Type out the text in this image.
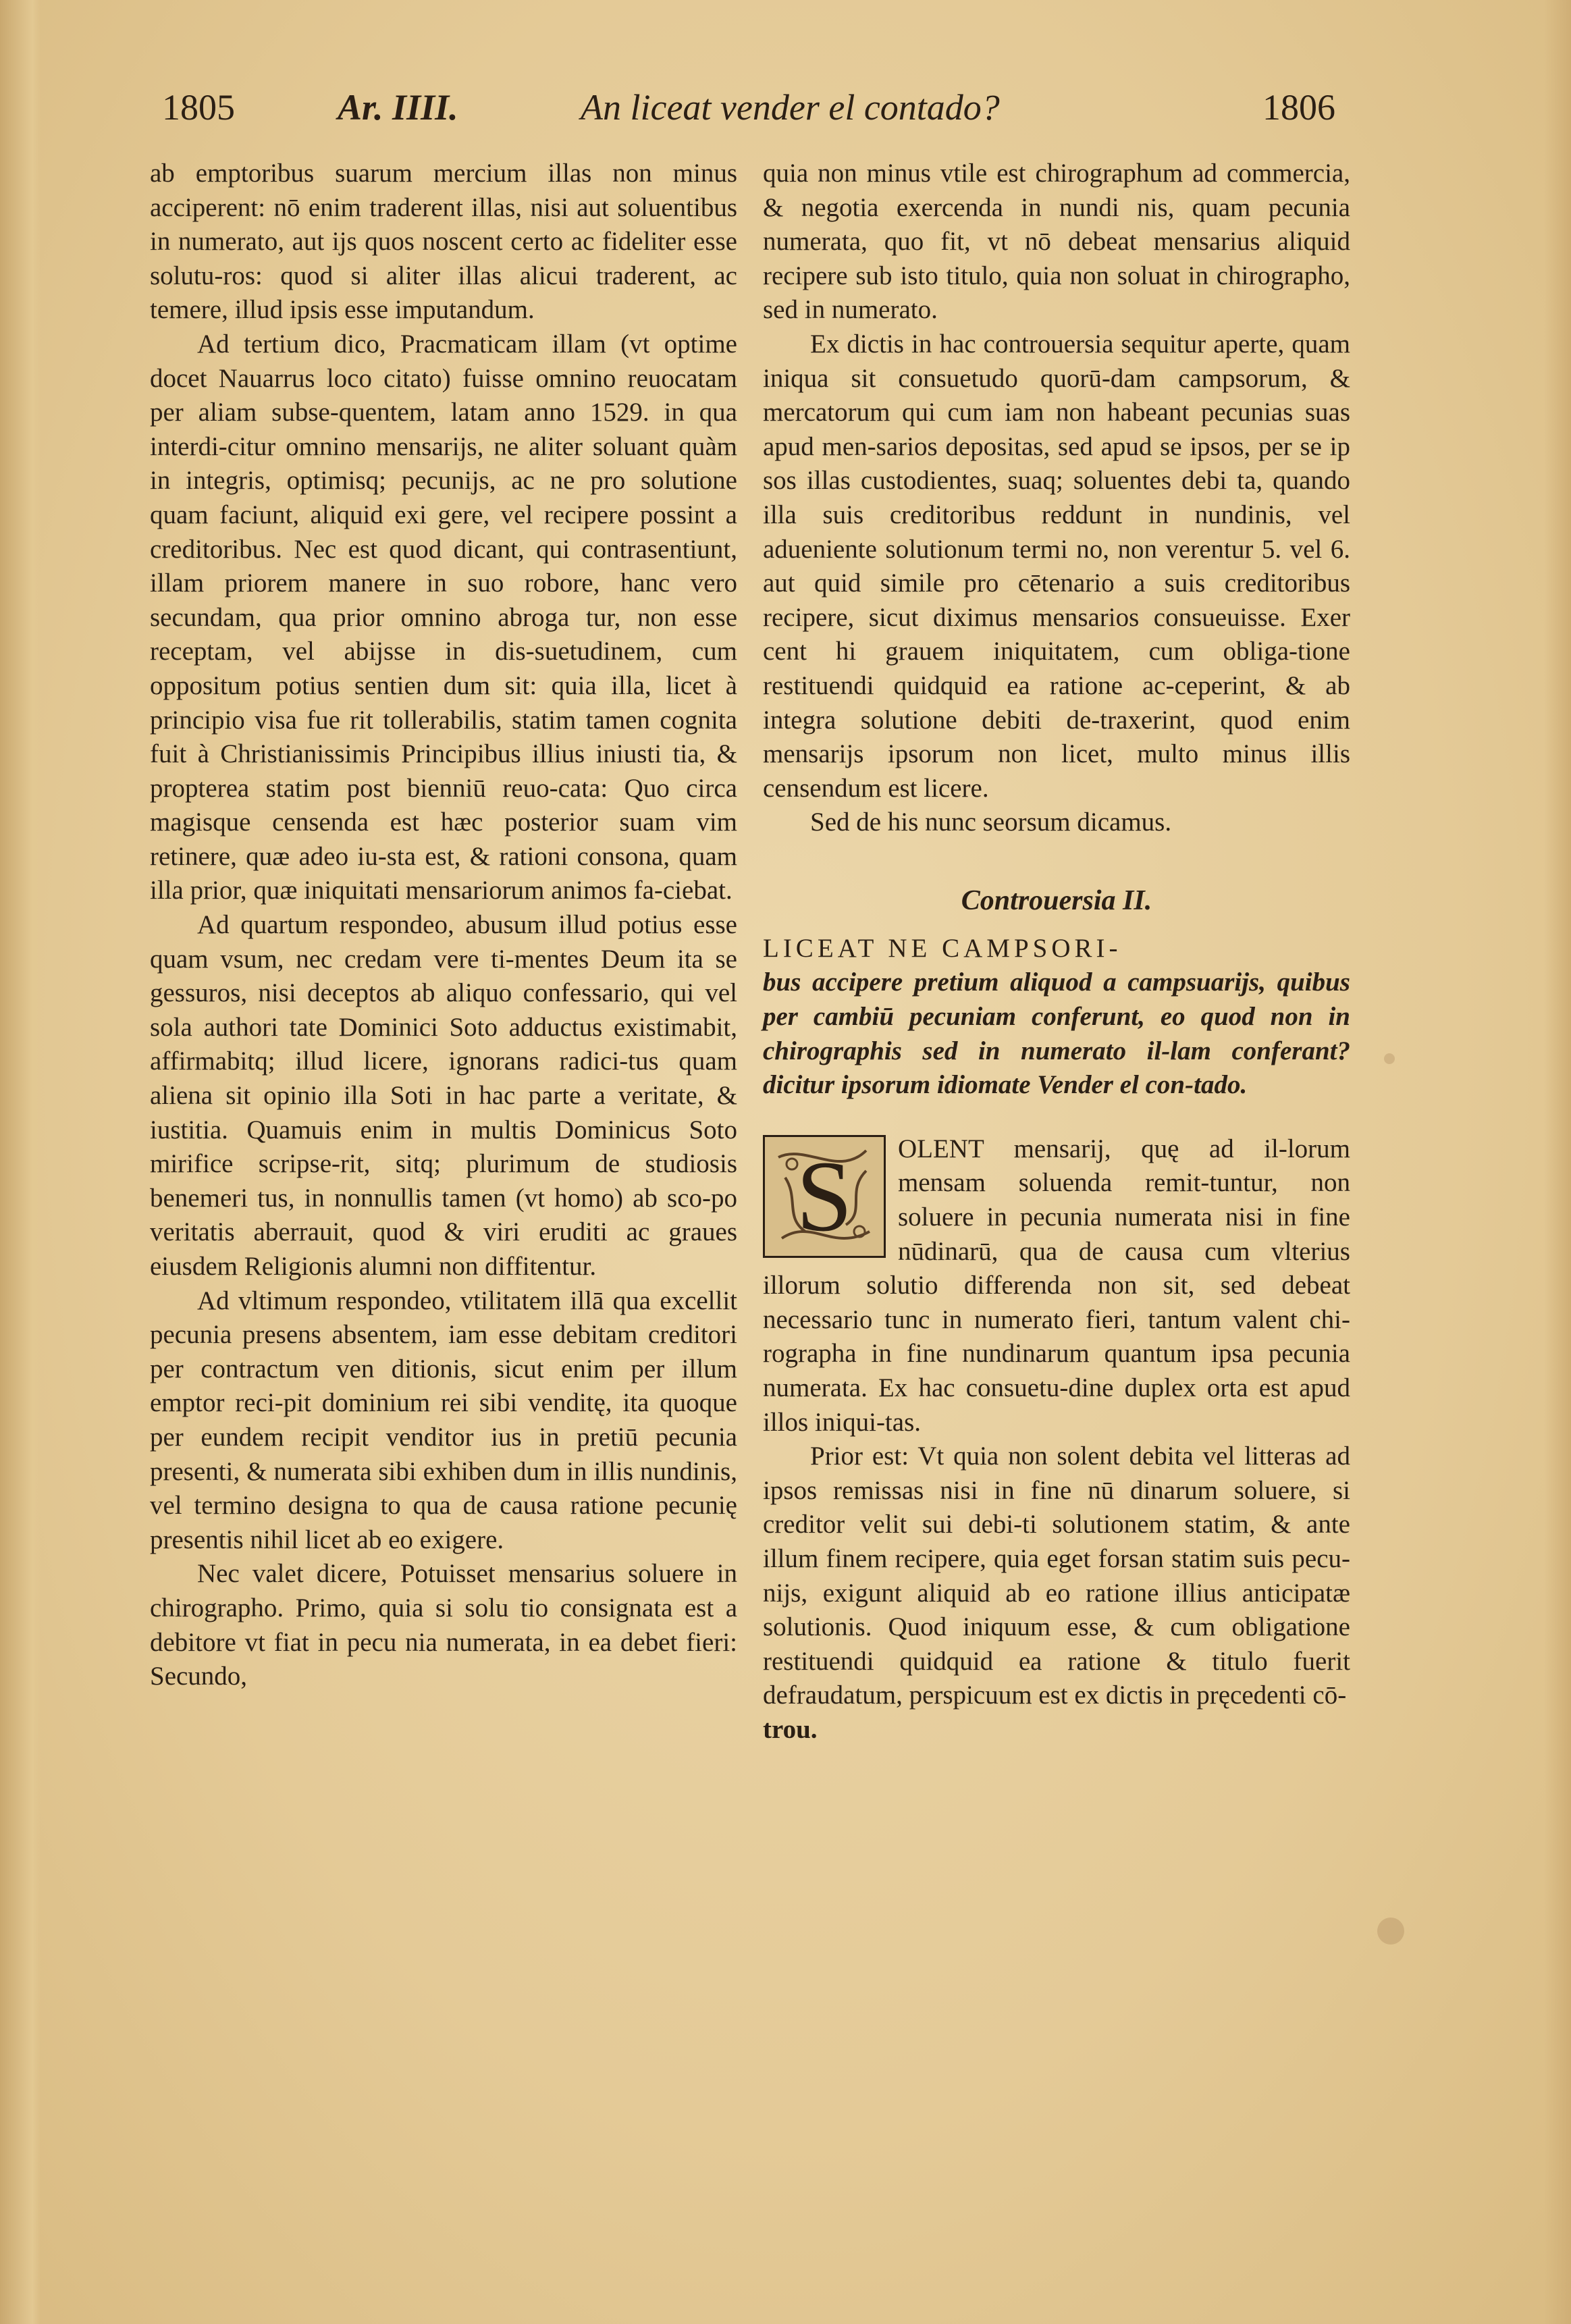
1805	Ar. IIII.	An liceat vender el contado?	1806

ab emptoribus suarum mercium illas non minus acciperent: nō enim traderent illas, nisi aut soluentibus in numerato, aut ijs quos noscent certo ac fideliter esse solutu-ros: quod si aliter illas alicui traderent, ac temere, illud ipsis esse imputandum.

Ad tertium dico, Pracmaticam illam (vt optime docet Nauarrus loco citato) fuisse omnino reuocatam per aliam subse-quentem, latam anno 1529. in qua interdi-citur omnino mensarijs, ne aliter soluant quàm in integris, optimisq; pecunijs, ac ne pro solutione quam faciunt, aliquid exi gere, vel recipere possint a creditoribus. Nec est quod dicant, qui contrasentiunt, illam priorem manere in suo robore, hanc vero secundam, qua prior omnino abroga tur, non esse receptam, vel abijsse in dis-suetudinem, cum oppositum potius sentien dum sit: quia illa, licet à principio visa fue rit tollerabilis, statim tamen cognita fuit à Christianissimis Principibus illius iniusti tia, & propterea statim post bienniū reuo-cata: Quo circa magisque censenda est hæc posterior suam vim retinere, quæ adeo iu-sta est, & rationi consona, quam illa prior, quæ iniquitati mensariorum animos fa-ciebat.

Ad quartum respondeo, abusum illud potius esse quam vsum, nec credam vere ti-mentes Deum ita se gessuros, nisi deceptos ab aliquo confessario, qui vel sola authori tate Dominici Soto adductus existimabit, affirmabitq; illud licere, ignorans radici-tus quam aliena sit opinio illa Soti in hac parte a veritate, & iustitia. Quamuis enim in multis Dominicus Soto mirifice scripse-rit, sitq; plurimum de studiosis benemeri tus, in nonnullis tamen (vt homo) ab sco-po veritatis aberrauit, quod & viri eruditi ac graues eiusdem Religionis alumni non diffitentur.

Ad vltimum respondeo, vtilitatem illā qua excellit pecunia presens absentem, iam esse debitam creditori per contractum ven ditionis, sicut enim per illum emptor reci-pit dominium rei sibi venditę, ita quoque per eundem recipit venditor ius in pretiū pecunia presenti, & numerata sibi exhiben dum in illis nundinis, vel termino designa to qua de causa ratione pecunię presentis nihil licet ab eo exigere.

Nec valet dicere, Potuisset mensarius soluere in chirographo. Primo, quia si solu tio consignata est a debitore vt fiat in pecu nia numerata, in ea debet fieri: Secundo,

quia non minus vtile est chirographum ad commercia, & negotia exercenda in nundi nis, quam pecunia numerata, quo fit, vt nō debeat mensarius aliquid recipere sub isto titulo, quia non soluat in chirographo, sed in numerato.

Ex dictis in hac controuersia sequitur aperte, quam iniqua sit consuetudo quorū-dam campsorum, & mercatorum qui cum iam non habeant pecunias suas apud men-sarios depositas, sed apud se ipsos, per se ip sos illas custodientes, suaq; soluentes debi ta, quando illa suis creditoribus reddunt in nundinis, vel adueniente solutionum termi no, non verentur 5. vel 6. aut quid simile pro cētenario a suis creditoribus recipere, sicut diximus mensarios consueuisse. Exer cent hi grauem iniquitatem, cum obliga-tione restituendi quidquid ea ratione ac-ceperint, & ab integra solutione debiti de-traxerint, quod enim mensarijs ipsorum non licet, multo minus illis censendum est licere.

Sed de his nunc seorsum dicamus.

Controuersia II.

LICEAT NE CAMPSORI-

bus accipere pretium aliquod a campsuarijs, quibus per cambiū pecuniam conferunt, eo quod non in chirographis sed in numerato il-lam conferant? dicitur ipsorum idiomate Vender el con-tado.

S	OLENT mensarij, quę ad il-lorum mensam soluenda remit-tuntur, non soluere in pecunia numerata nisi in fine nūdinarū, qua de causa cum vlterius illorum solutio differenda non sit, sed debeat necessario tunc in numerato fieri, tantum valent chi-rographa in fine nundinarum quantum ipsa pecunia numerata. Ex hac consuetu-dine duplex orta est apud illos iniqui-tas.

Prior est: Vt quia non solent debita vel litteras ad ipsos remissas nisi in fine nū dinarum soluere, si creditor velit sui debi-ti solutionem statim, & ante illum finem recipere, quia eget forsan statim suis pecu-nijs, exigunt aliquid ab eo ratione illius anticipatæ solutionis. Quod iniquum esse, & cum obligatione restituendi quidquid ea ratione & titulo fuerit defraudatum, perspicuum est ex dictis in pręcedenti cō-

trou.
